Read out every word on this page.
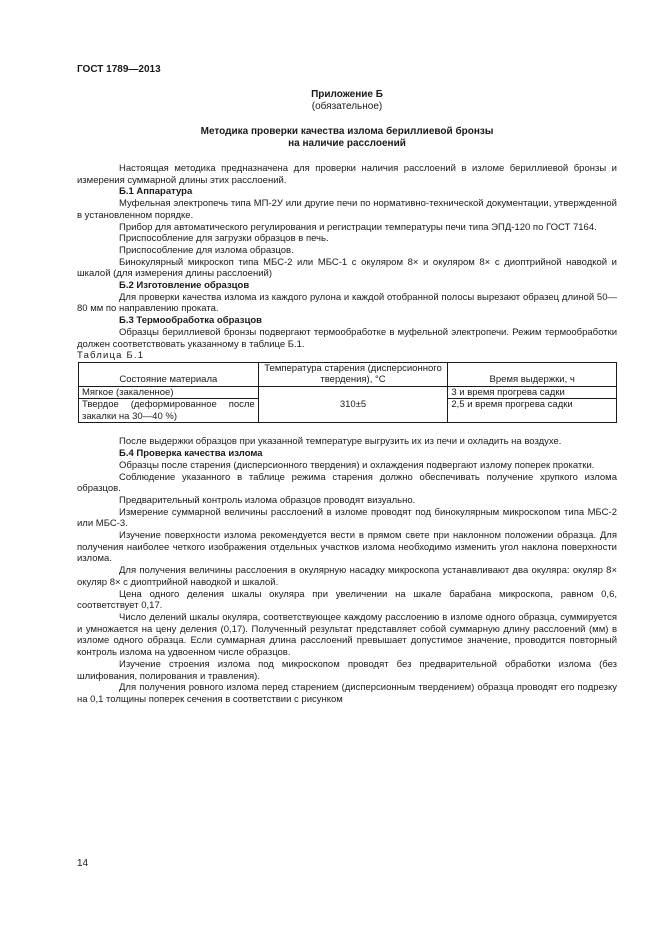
ГОСТ 1789—2013
Приложение Б
(обязательное)
Методика проверки качества излома бериллиевой бронзы
на наличие расслоений

Настоящая методика предназначена для проверки наличия расслоений в изломе бериллиевой бронзы и измерения суммарной длины этих расслоений.

Б.1 Аппаратура

Муфельная электропечь типа МП-2У или другие печи по нормативно-технической документации, утвержденной в установленном порядке.

Прибор для автоматического регулирования и регистрации температуры печи типа ЭПД-120 по ГОСТ 7164.

Приспособление для загрузки образцов в печь.

Приспособление для излома образцов.

Бинокулярный микроскоп типа МБС-2 или МБС-1 с окуляром 8× и окуляром 8× с диоптрийной наводкой и шкалой (для измерения длины расслоений)

Б.2 Изготовление образцов

Для проверки качества излома из каждого рулона и каждой отобранной полосы вырезают образец длиной 50—80 мм по направлению проката.

Б.3 Термообработка образцов

Образцы бериллиевой бронзы подвергают термообработке в муфельной электропечи. Режим термообработки должен соответствовать указанному в таблице Б.1.

Таблица Б.1
Состояние материала	Температура старения (дисперсионного твердения), °С	Время выдержки, ч
Мягкое (закаленное)	310±5	3 и время прогрева садки
Твердое (деформированное после закалки на 30—40 %)		2,5 и время прогрева садки

После выдержки образцов при указанной температуре выгрузить их из печи и охладить на воздухе.

Б.4 Проверка качества излома

Образцы после старения (дисперсионного твердения) и охлаждения подвергают излому поперек прокатки.

Соблюдение указанного в таблице режима старения должно обеспечивать получение хрупкого излома образцов.

Предварительный контроль излома образцов проводят визуально.

Измерение суммарной величины расслоений в изломе проводят под бинокулярным микроскопом типа МБС-2 или МБС-3.

Изучение поверхности излома рекомендуется вести в прямом свете при наклонном положении образца. Для получения наиболее четкого изображения отдельных участков излома необходимо изменить угол наклона поверхности излома.

Для получения величины расслоения в окулярную насадку микроскопа устанавливают два окуляра: окуляр 8× окуляр 8× с диоптрийной наводкой и шкалой.

Цена одного деления шкалы окуляра при увеличении на шкале барабана микроскопа, равном 0,6, соответствует 0,17.

Число делений шкалы окуляра, соответствующее каждому расслоению в изломе одного образца, суммируется и умножается на цену деления (0,17). Полученный результат представляет собой суммарную длину расслоений (мм) в изломе одного образца. Если суммарная длина расслоений превышает допустимое значение, проводится повторный контроль излома на удвоенном числе образцов.

Изучение строения излома под микроскопом проводят без предварительной обработки излома (без шлифования, полирования и травления).

Для получения ровного излома перед старением (дисперсионным твердением) образца проводят его подрезку на 0,1 толщины поперек сечения в соответствии с рисунком

14
